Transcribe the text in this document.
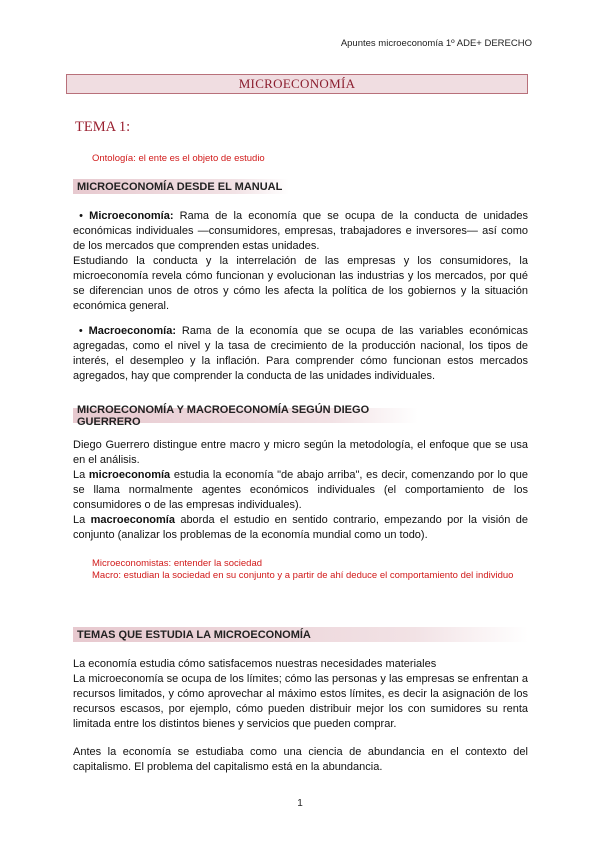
Apuntes microeconomía 1º ADE+ DERECHO
MICROECONOMÍA
TEMA 1:
Ontología: el ente es el objeto de estudio
MICROECONOMÍA DESDE EL MANUAL

• Microeconomía: Rama de la economía que se ocupa de la conducta de unidades económicas individuales —consumidores, empresas, trabajadores e inversores— así como de los mercados que comprenden estas unidades.

Estudiando la conducta y la interrelación de las empresas y los consumidores, la microeconomía revela cómo funcionan y evolucionan las industrias y los mercados, por qué se diferencian unos de otros y cómo les afecta la política de los gobiernos y la situación económica general.

• Macroeconomía: Rama de la economía que se ocupa de las variables económicas agregadas, como el nivel y la tasa de crecimiento de la producción nacional, los tipos de interés, el desempleo y la inflación. Para comprender cómo funcionan estos mercados agregados, hay que comprender la conducta de las unidades individuales.

MICROECONOMÍA Y MACROECONOMÍA SEGÚN DIEGO GUERRERO

Diego Guerrero distingue entre macro y micro según la metodología, el enfoque que se usa en el análisis.

La microeconomía estudia la economía "de abajo arriba", es decir, comenzando por lo que se llama normalmente agentes económicos individuales (el comportamiento de los consumidores o de las empresas individuales).

La macroeconomía aborda el estudio en sentido contrario, empezando por la visión de conjunto (analizar los problemas de la economía mundial como un todo).

Microeconomistas: entender la sociedad

Macro: estudian la sociedad en su conjunto y a partir de ahí deduce el comportamiento del individuo

TEMAS QUE ESTUDIA LA MICROECONOMÍA

La economía estudia cómo satisfacemos nuestras necesidades materiales

La microeconomía se ocupa de los límites; cómo las personas y las empresas se enfrentan a recursos limitados, y cómo aprovechar al máximo estos límites, es decir la asignación de los recursos escasos, por ejemplo, cómo pueden distribuir mejor los con sumidores su renta limitada entre los distintos bienes y servicios que pueden comprar.

Antes la economía se estudiaba como una ciencia de abundancia en el contexto del capitalismo. El problema del capitalismo está en la abundancia.

1
